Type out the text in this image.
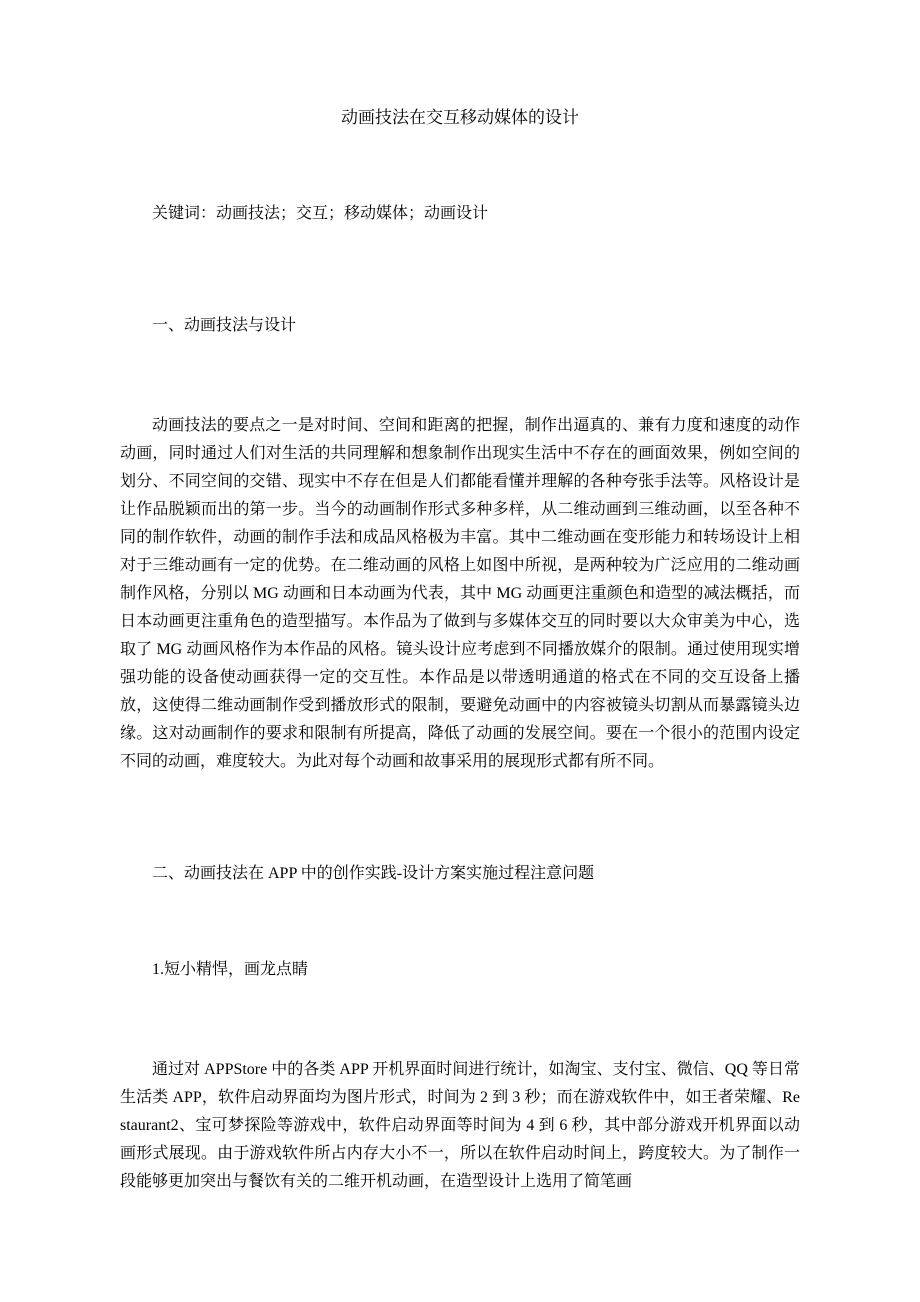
动画技法在交互移动媒体的设计
关键词：动画技法；交互；移动媒体；动画设计
一、动画技法与设计

动画技法的要点之一是对时间、空间和距离的把握，制作出逼真的、兼有力度和速度的动作动画，同时通过人们对生活的共同理解和想象制作出现实生活中不存在的画面效果，例如空间的划分、不同空间的交错、现实中不存在但是人们都能看懂并理解的各种夸张手法等。风格设计是让作品脱颖而出的第一步。当今的动画制作形式多种多样，从二维动画到三维动画，以至各种不同的制作软件，动画的制作手法和成品风格极为丰富。其中二维动画在变形能力和转场设计上相对于三维动画有一定的优势。在二维动画的风格上如图中所视，是两种较为广泛应用的二维动画制作风格，分别以 MG 动画和日本动画为代表，其中 MG 动画更注重颜色和造型的减法概括，而日本动画更注重角色的造型描写。本作品为了做到与多媒体交互的同时要以大众审美为中心，选取了 MG 动画风格作为本作品的风格。镜头设计应考虑到不同播放媒介的限制。通过使用现实增强功能的设备使动画获得一定的交互性。本作品是以带透明通道的格式在不同的交互设备上播放，这使得二维动画制作受到播放形式的限制，要避免动画中的内容被镜头切割从而暴露镜头边缘。这对动画制作的要求和限制有所提高，降低了动画的发展空间。要在一个很小的范围内设定不同的动画，难度较大。为此对每个动画和故事采用的展现形式都有所不同。

二、动画技法在 APP 中的创作实践-设计方案实施过程注意问题
1.短小精悍，画龙点睛

通过对 APPStore 中的各类 APP 开机界面时间进行统计，如淘宝、支付宝、微信、QQ 等日常生活类 APP，软件启动界面均为图片形式，时间为 2 到 3 秒；而在游戏软件中，如王者荣耀、Restaurant2、宝可梦探险等游戏中，软件启动界面等时间为 4 到 6 秒，其中部分游戏开机界面以动画形式展现。由于游戏软件所占内存大小不一，所以在软件启动时间上，跨度较大。为了制作一段能够更加突出与餐饮有关的二维开机动画，在造型设计上选用了简笔画
